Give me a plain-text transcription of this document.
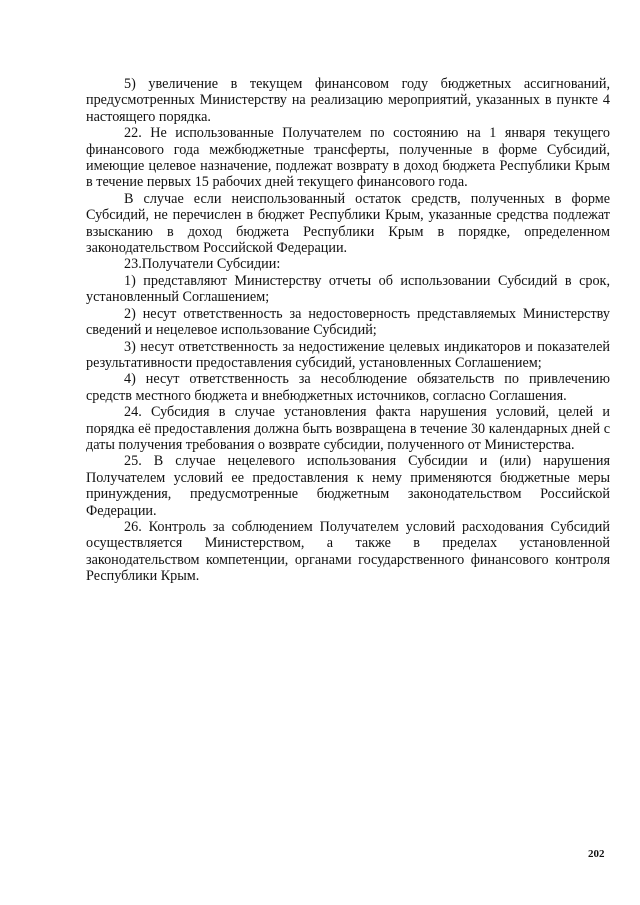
5) увеличение в текущем финансовом году бюджетных ассигнований, предусмотренных Министерству на реализацию мероприятий, указанных в пункте 4 настоящего порядка.

22. Не использованные Получателем по состоянию на 1 января текущего финансового года межбюджетные трансферты, полученные в форме Субсидий, имеющие целевое назначение, подлежат возврату в доход бюджета Республики Крым в течение первых 15 рабочих дней текущего финансового года.

В случае если неиспользованный остаток средств, полученных в форме Субсидий, не перечислен в бюджет Республики Крым, указанные средства подлежат взысканию в доход бюджета Республики Крым в порядке, определенном законодательством Российской Федерации.

23.Получатели Субсидии:

1) представляют Министерству отчеты об использовании Субсидий в срок, установленный Соглашением;

2) несут ответственность за недостоверность представляемых Министерству сведений и нецелевое использование Субсидий;

3) несут ответственность за недостижение целевых индикаторов и показателей результативности предоставления субсидий, установленных Соглашением;

4) несут ответственность за несоблюдение обязательств по привлечению средств местного бюджета и внебюджетных источников, согласно Соглашения.

24. Субсидия в случае установления факта нарушения условий, целей и порядка её предоставления должна быть возвращена в течение 30 календарных дней с даты получения требования о возврате субсидии, полученного от Министерства.

25. В случае нецелевого использования Субсидии и (или) нарушения Получателем условий ее предоставления к нему применяются бюджетные меры принуждения, предусмотренные бюджетным законодательством Российской Федерации.

26. Контроль за соблюдением Получателем условий расходования Субсидий осуществляется Министерством, а также в пределах установленной законодательством компетенции, органами государственного финансового контроля Республики Крым.

202
